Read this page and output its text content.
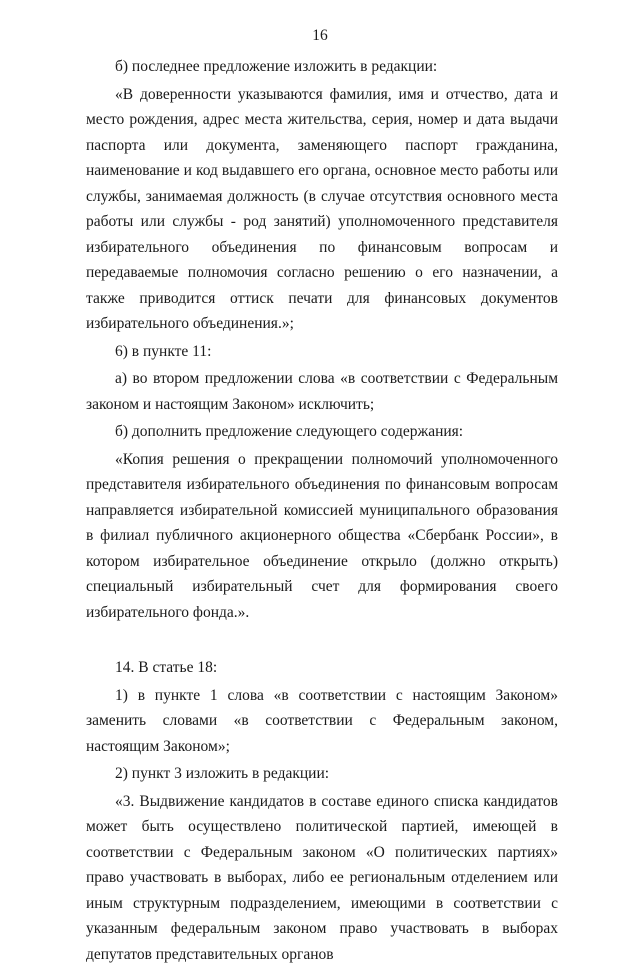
16

б) последнее предложение изложить в редакции:

«В доверенности указываются фамилия, имя и отчество, дата и место рождения, адрес места жительства, серия, номер и дата выдачи паспорта или документа, заменяющего паспорт гражданина, наименование и код выдавшего его органа, основное место работы или службы, занимаемая должность (в случае отсутствия основного места работы или службы - род занятий) уполномоченного представителя избирательного объединения по финансовым вопросам и передаваемые полномочия согласно решению о его назначении, а также приводится оттиск печати для финансовых документов избирательного объединения.»;

6) в пункте 11:

а) во втором предложении слова «в соответствии с Федеральным законом и настоящим Законом» исключить;

б) дополнить предложение следующего содержания:

«Копия решения о прекращении полномочий уполномоченного представителя избирательного объединения по финансовым вопросам направляется избирательной комиссией муниципального образования в филиал публичного акционерного общества «Сбербанк России», в котором избирательное объединение открыло (должно открыть) специальный избирательный счет для формирования своего избирательного фонда.».

14. В статье 18:

1) в пункте 1 слова «в соответствии с настоящим Законом» заменить словами «в соответствии с Федеральным законом, настоящим Законом»;

2) пункт 3 изложить в редакции:

«3. Выдвижение кандидатов в составе единого списка кандидатов может быть осуществлено политической партией, имеющей в соответствии с Федеральным законом «О политических партиях» право участвовать в выборах, либо ее региональным отделением или иным структурным подразделением, имеющими в соответствии с указанным федеральным законом право участвовать в выборах депутатов представительных органов
